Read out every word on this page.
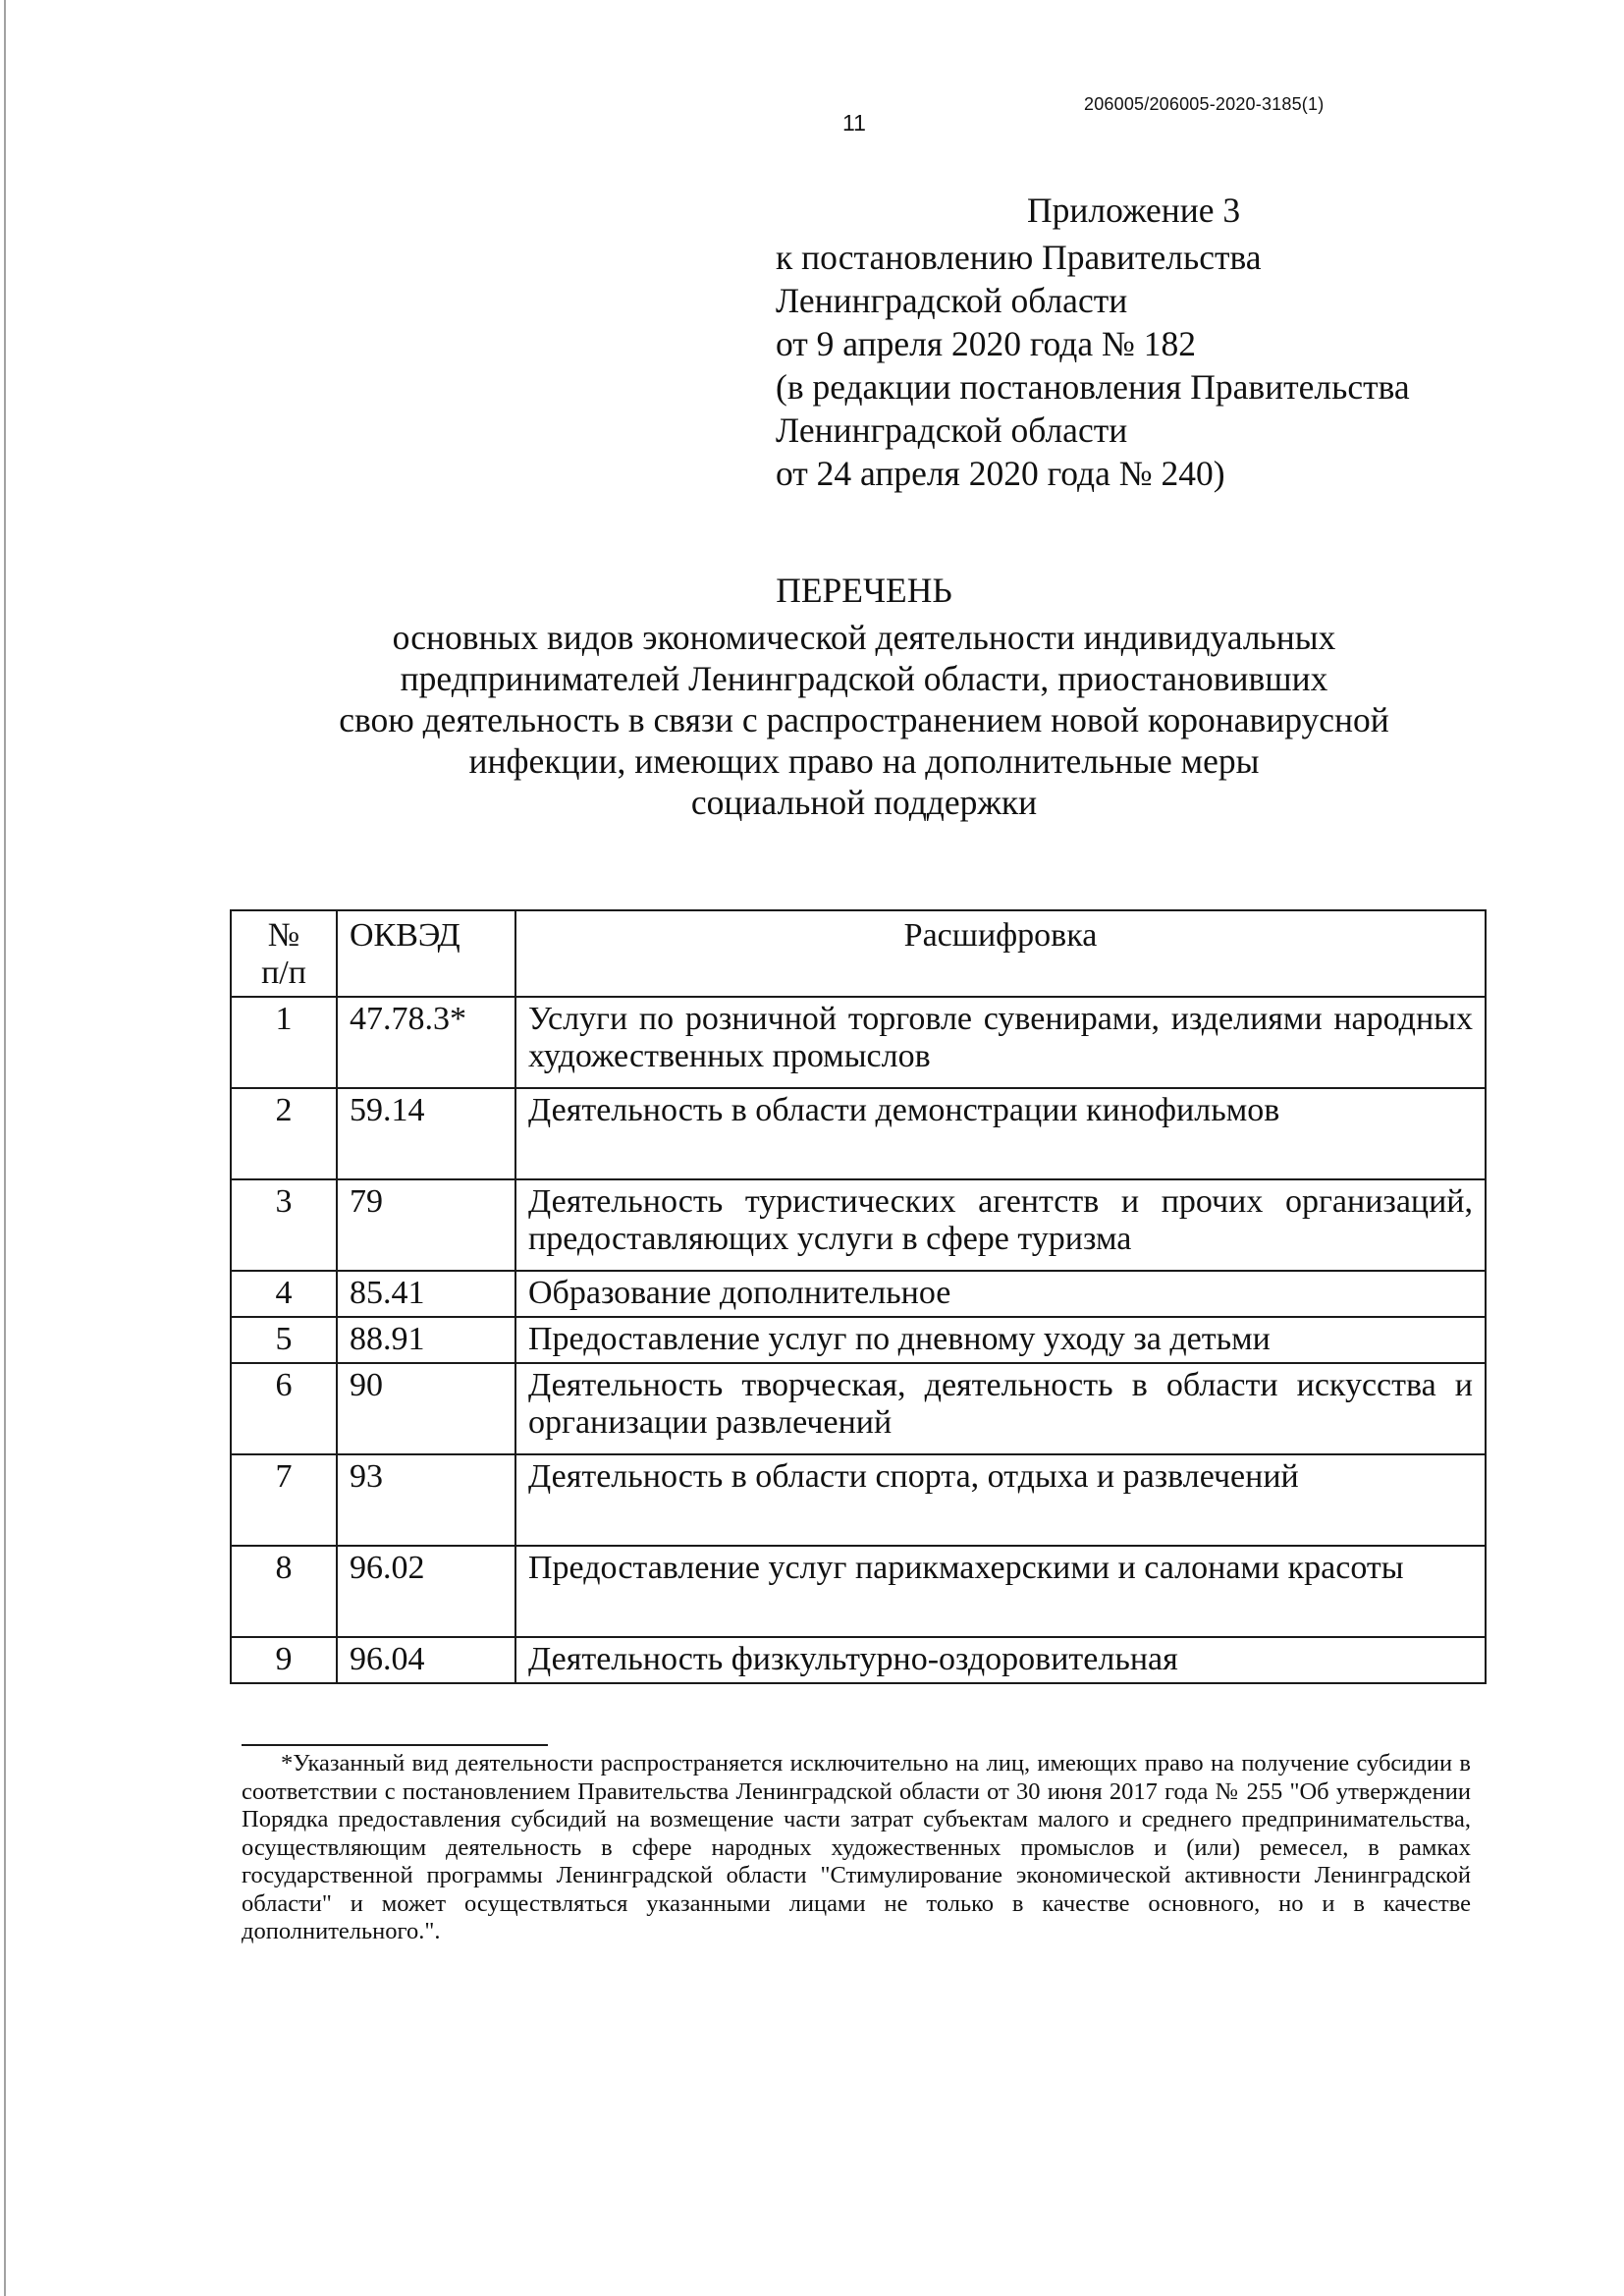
11
206005/206005-2020-3185(1)
Приложение 3
к постановлению Правительства
Ленинградской области
от 9 апреля 2020 года № 182
(в редакции постановления Правительства
Ленинградской области
от 24 апреля 2020 года № 240)
ПЕРЕЧЕНЬ
основных видов экономической деятельности индивидуальных
предпринимателей Ленинградской области, приостановивших
свою деятельность в связи с распространением новой коронавирусной
инфекции, имеющих право на дополнительные меры
социальной поддержки
№
п/п	ОКВЭД	Расшифровка
1	47.78.3*	Услуги по розничной торговле сувенирами, изделиями народных художественных промыслов
2	59.14	Деятельность в области демонстрации кинофильмов
3	79	Деятельность туристических агентств и прочих организаций, предоставляющих услуги в сфере туризма
4	85.41	Образование дополнительное
5	88.91	Предоставление услуг по дневному уходу за детьми
6	90	Деятельность творческая, деятельность в области искусства и организации развлечений
7	93	Деятельность в области спорта, отдыха и развлечений
8	96.02	Предоставление услуг парикмахерскими и салонами красоты
9	96.04	Деятельность физкультурно-оздоровительная
*Указанный вид деятельности распространяется исключительно на лиц, имеющих право на получение субсидии в соответствии с постановлением Правительства Ленинградской области от 30 июня 2017 года № 255 "Об утверждении Порядка предоставления субсидий на возмещение части затрат субъектам малого и среднего предпринимательства, осуществляющим деятельность в сфере народных художественных промыслов и (или) ремесел, в рамках государственной программы Ленинградской области "Стимулирование экономической активности Ленинградской области" и может осуществляться указанными лицами не только в качестве основного, но и в качестве дополнительного.".
